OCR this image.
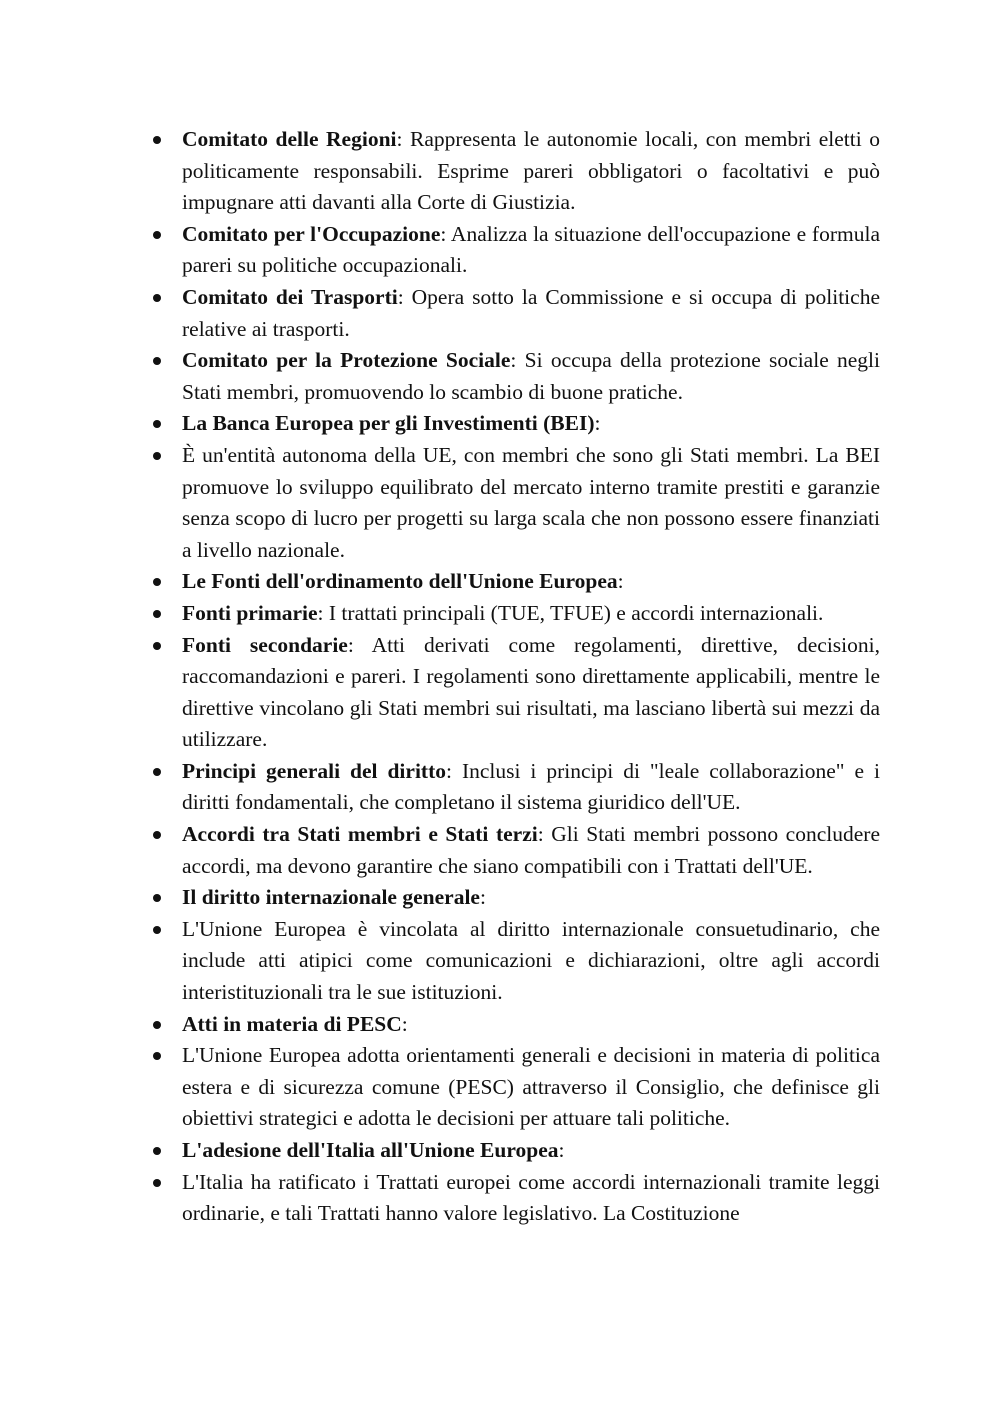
Comitato delle Regioni: Rappresenta le autonomie locali, con membri eletti o politicamente responsabili. Esprime pareri obbligatori o facoltativi e può impugnare atti davanti alla Corte di Giustizia.
Comitato per l'Occupazione: Analizza la situazione dell'occupazione e formula pareri su politiche occupazionali.
Comitato dei Trasporti: Opera sotto la Commissione e si occupa di politiche relative ai trasporti.
Comitato per la Protezione Sociale: Si occupa della protezione sociale negli Stati membri, promuovendo lo scambio di buone pratiche.
La Banca Europea per gli Investimenti (BEI):
È un'entità autonoma della UE, con membri che sono gli Stati membri. La BEI promuove lo sviluppo equilibrato del mercato interno tramite prestiti e garanzie senza scopo di lucro per progetti su larga scala che non possono essere finanziati a livello nazionale.
Le Fonti dell'ordinamento dell'Unione Europea:
Fonti primarie: I trattati principali (TUE, TFUE) e accordi internazionali.
Fonti secondarie: Atti derivati come regolamenti, direttive, decisioni, raccomandazioni e pareri. I regolamenti sono direttamente applicabili, mentre le direttive vincolano gli Stati membri sui risultati, ma lasciano libertà sui mezzi da utilizzare.
Principi generali del diritto: Inclusi i principi di "leale collaborazione" e i diritti fondamentali, che completano il sistema giuridico dell'UE.
Accordi tra Stati membri e Stati terzi: Gli Stati membri possono concludere accordi, ma devono garantire che siano compatibili con i Trattati dell'UE.
Il diritto internazionale generale:
L'Unione Europea è vincolata al diritto internazionale consuetudinario, che include atti atipici come comunicazioni e dichiarazioni, oltre agli accordi interistituzionali tra le sue istituzioni.
Atti in materia di PESC:
L'Unione Europea adotta orientamenti generali e decisioni in materia di politica estera e di sicurezza comune (PESC) attraverso il Consiglio, che definisce gli obiettivi strategici e adotta le decisioni per attuare tali politiche.
L'adesione dell'Italia all'Unione Europea:
L'Italia ha ratificato i Trattati europei come accordi internazionali tramite leggi ordinarie, e tali Trattati hanno valore legislativo. La Costituzione
